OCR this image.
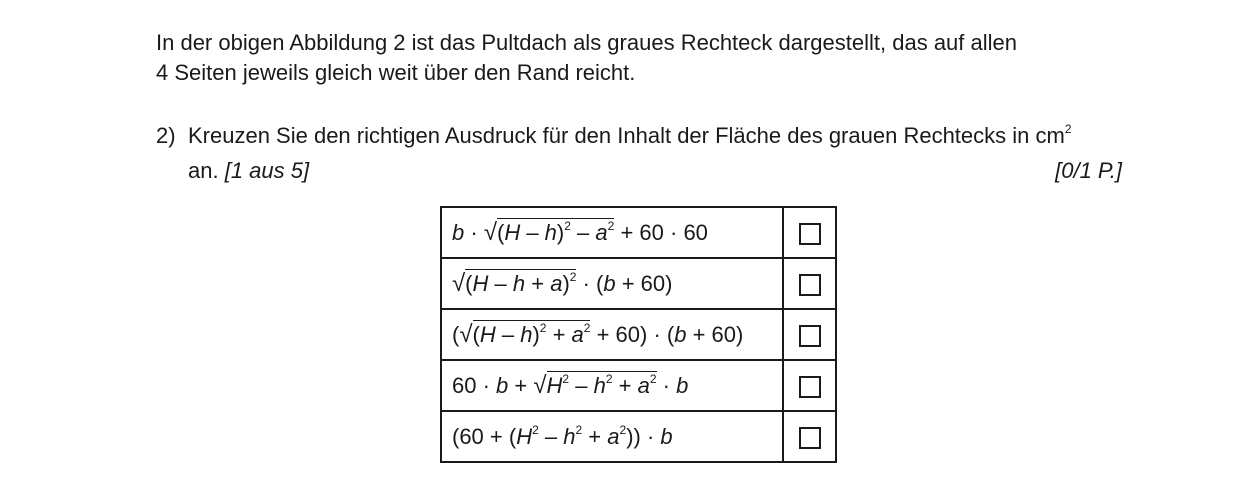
In der obigen Abbildung 2 ist das Pultdach als graues Rechteck dargestellt, das auf allen
4 Seiten jeweils gleich weit über den Rand reicht.
2) Kreuzen Sie den richtigen Ausdruck für den Inhalt der Fläche des grauen Rechtecks in $cm^2$
an. [1 aus 5]	[0/1 P.]
$b \cdot √(H - h)^2 - a^2 + 60 \cdot 60$	
$√(H - h + a)^2 \cdot (b + 60)$	
$(√(H - h)^2 + a^2 + 60) \cdot (b + 60)$	
$60 \cdot b + √H^2 - h^2 + a^2 \cdot b$	
$(60 + (H^2 - h^2 + a^2)) \cdot b$	
